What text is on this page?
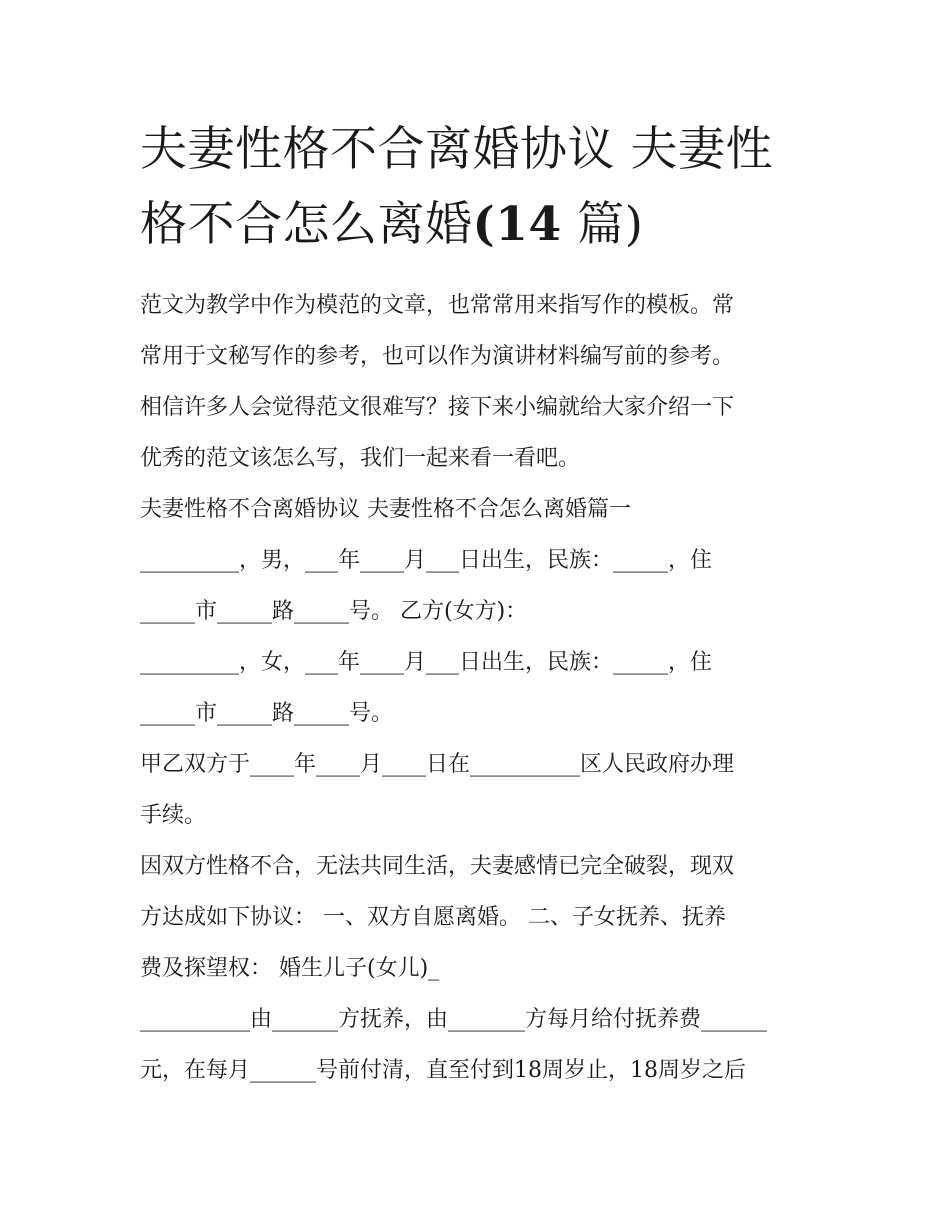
夫妻性格不合离婚协议 夫妻性格不合怎么离婚(14 篇)
范文为教学中作为模范的文章，也常常用来指写作的模板。常
常用于文秘写作的参考，也可以作为演讲材料编写前的参考。
相信许多人会觉得范文很难写？接下来小编就给大家介绍一下
优秀的范文该怎么写，我们一起来看一看吧。
夫妻性格不合离婚协议 夫妻性格不合怎么离婚篇一
_________，男，___年____月___日出生，民族：_____，住
_____市_____路_____号。 乙方(女方)：
_________，女，___年____月___日出生，民族：_____，住
_____市_____路_____号。
甲乙双方于____年____月____日在__________区人民政府办理
手续。
因双方性格不合，无法共同生活，夫妻感情已完全破裂，现双
方达成如下协议： 一、双方自愿离婚。 二、子女抚养、抚养
费及探望权： 婚生儿子(女儿)_
__________由______方抚养，由_______方每月给付抚养费______
元，在每月______号前付清，直至付到18周岁止，18周岁之后
